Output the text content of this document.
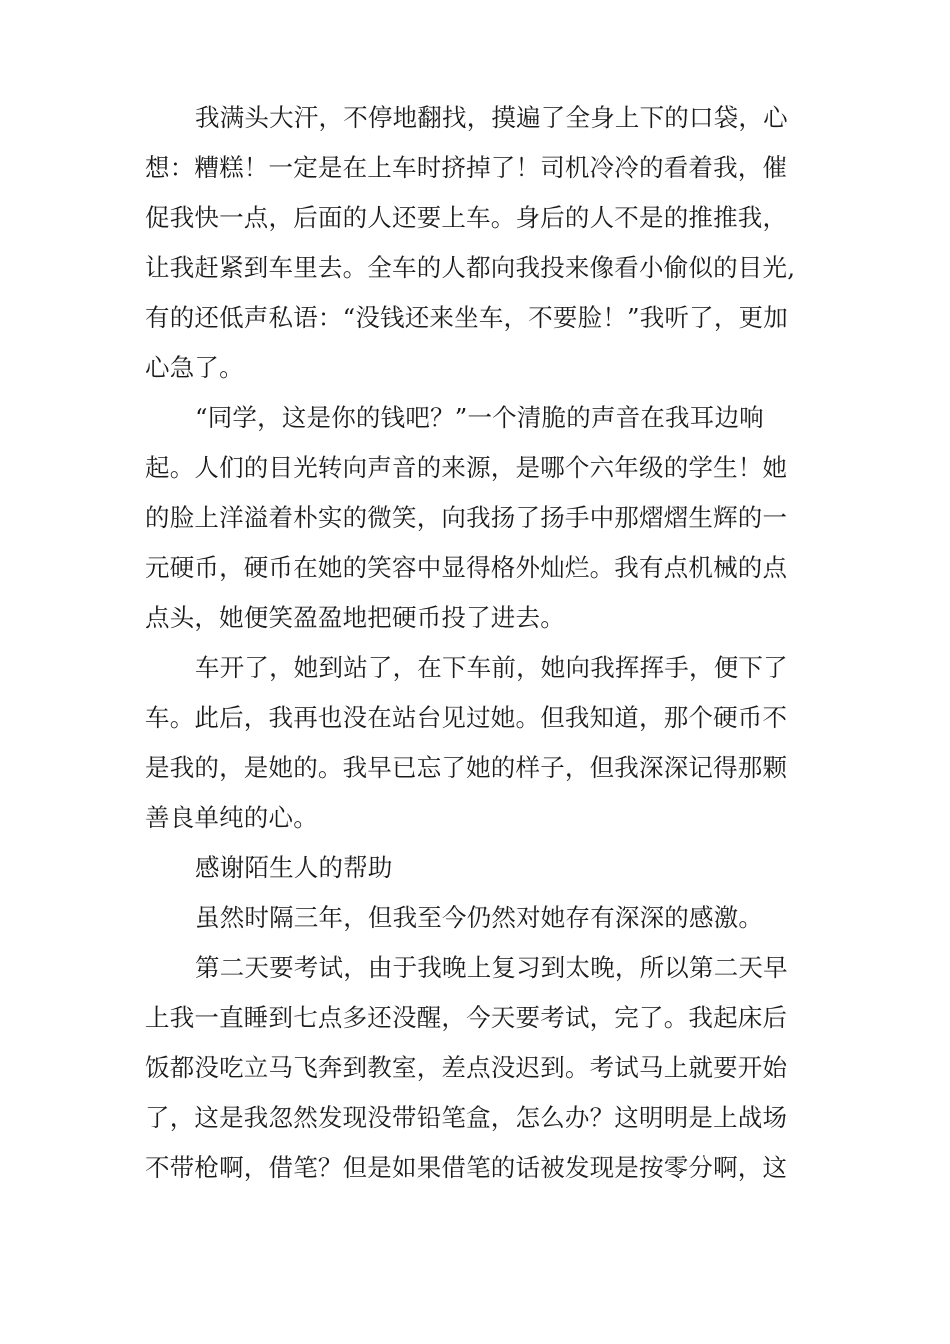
我满头大汗，不停地翻找，摸遍了全身上下的口袋，心
想：糟糕！一定是在上车时挤掉了！司机冷冷的看着我，催
促我快一点，后面的人还要上车。身后的人不是的推推我，
让我赶紧到车里去。全车的人都向我投来像看小偷似的目光,
有的还低声私语：“没钱还来坐车，不要脸！”我听了，更加
心急了。
“同学，这是你的钱吧？”一个清脆的声音在我耳边响
起。人们的目光转向声音的来源，是哪个六年级的学生！她
的脸上洋溢着朴实的微笑，向我扬了扬手中那熠熠生辉的一
元硬币，硬币在她的笑容中显得格外灿烂。我有点机械的点
点头，她便笑盈盈地把硬币投了进去。
车开了，她到站了，在下车前，她向我挥挥手，便下了
车。此后，我再也没在站台见过她。但我知道，那个硬币不
是我的，是她的。我早已忘了她的样子，但我深深记得那颗
善良单纯的心。
感谢陌生人的帮助
虽然时隔三年，但我至今仍然对她存有深深的感激。
第二天要考试，由于我晚上复习到太晚，所以第二天早
上我一直睡到七点多还没醒，今天要考试，完了。我起床后
饭都没吃立马飞奔到教室，差点没迟到。考试马上就要开始
了，这是我忽然发现没带铅笔盒，怎么办？这明明是上战场
不带枪啊，借笔？但是如果借笔的话被发现是按零分啊，这
